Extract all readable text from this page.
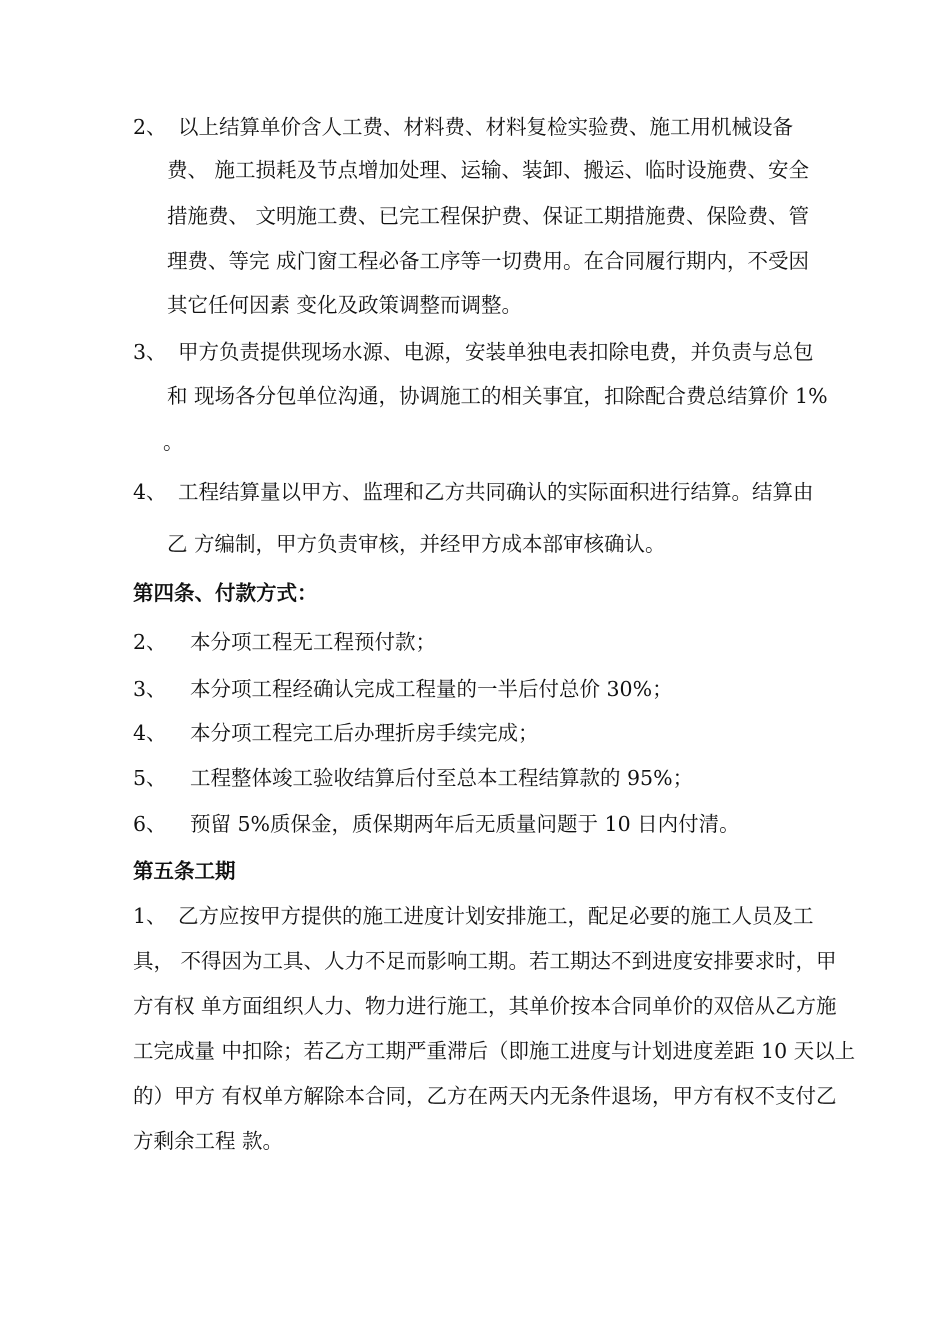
2、 以上结算单价含人工费、材料费、材料复检实验费、施工用机械设备
费、 施工损耗及节点增加处理、运输、装卸、搬运、临时设施费、安全
措施费、 文明施工费、已完工程保护费、保证工期措施费、保险费、管
理费、等完 成门窗工程必备工序等一切费用。在合同履行期内，不受因
其它任何因素 变化及政策调整而调整。
3、 甲方负责提供现场水源、电源，安装单独电表扣除电费，并负责与总包
和 现场各分包单位沟通，协调施工的相关事宜，扣除配合费总结算价 1%
。
4、 工程结算量以甲方、监理和乙方共同确认的实际面积进行结算。结算由
乙 方编制，甲方负责审核，并经甲方成本部审核确认。
第四条、付款方式：
2、 本分项工程无工程预付款；
3、 本分项工程经确认完成工程量的一半后付总价 30%；
4、 本分项工程完工后办理折房手续完成；
5、 工程整体竣工验收结算后付至总本工程结算款的 95%；
6、 预留 5%质保金，质保期两年后无质量问题于 10 日内付清。
第五条工期
1、 乙方应按甲方提供的施工进度计划安排施工，配足必要的施工人员及工
具， 不得因为工具、人力不足而影响工期。若工期达不到进度安排要求时，甲
方有权 单方面组织人力、物力进行施工，其单价按本合同单价的双倍从乙方施
工完成量 中扣除；若乙方工期严重滞后（即施工进度与计划进度差距 10 天以上
的）甲方 有权单方解除本合同，乙方在两天内无条件退场，甲方有权不支付乙
方剩余工程 款。
